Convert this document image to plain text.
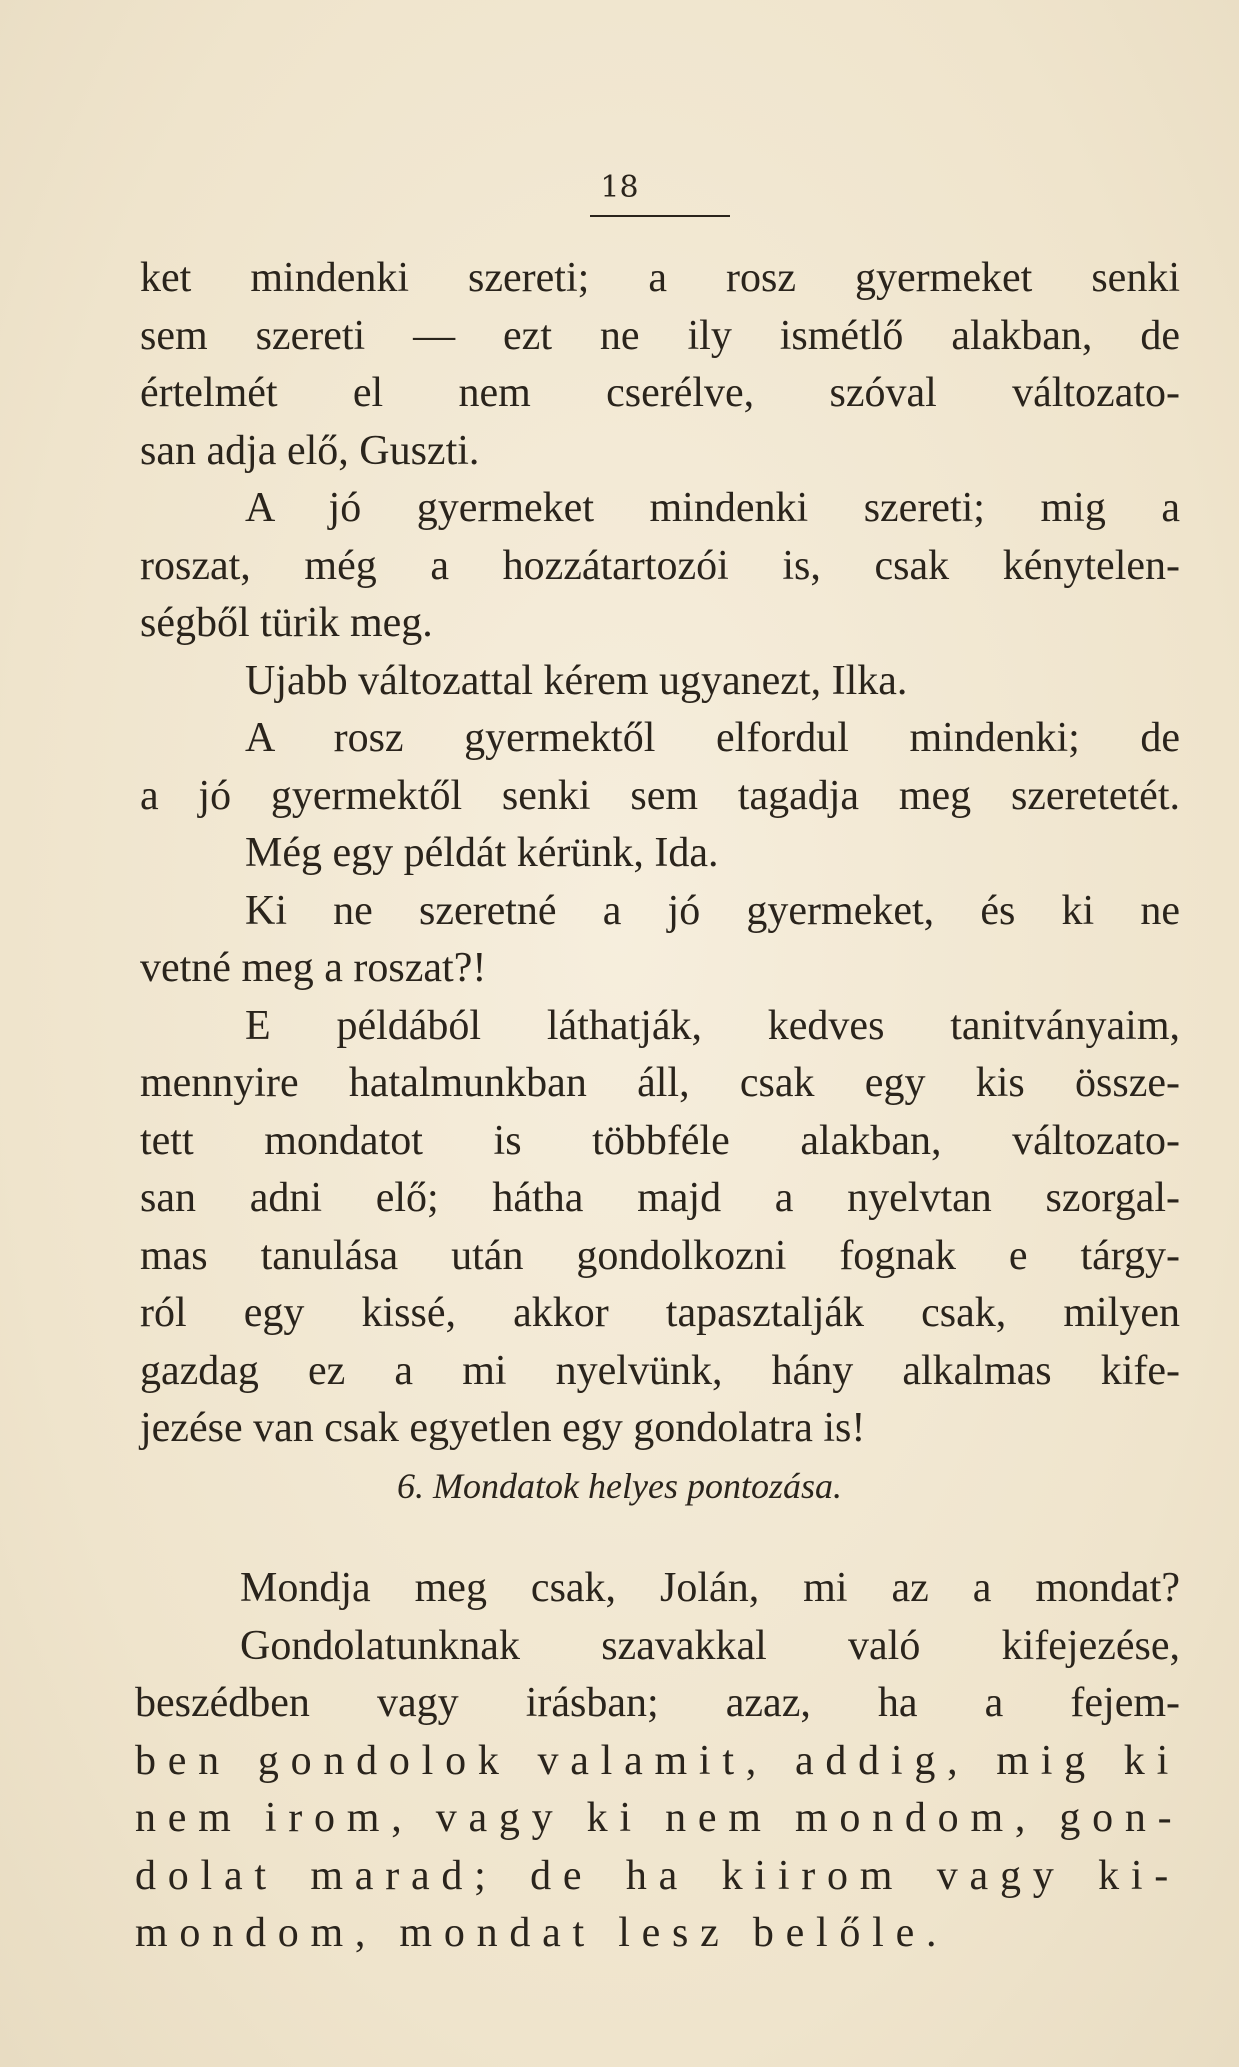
18
ket mindenki szereti; a rosz gyermeket senki
sem szereti — ezt ne ily ismétlő alakban, de
értelmét el nem cserélve, szóval változato-
san adja elő, Guszti.
A jó gyermeket mindenki szereti; mig a
roszat, még a hozzátartozói is, csak kénytelen-
ségből türik meg.
Ujabb változattal kérem ugyanezt, Ilka.
A rosz gyermektől elfordul mindenki; de
a jó gyermektől senki sem tagadja meg szeretetét.
Még egy példát kérünk, Ida.
Ki ne szeretné a jó gyermeket, és ki ne
vetné meg a roszat?!
E példából láthatják, kedves tanitványaim,
mennyire hatalmunkban áll, csak egy kis össze-
tett mondatot is többféle alakban, változato-
san adni elő; hátha majd a nyelvtan szorgal-
mas tanulása után gondolkozni fognak e tárgy-
ról egy kissé, akkor tapasztalják csak, milyen
gazdag ez a mi nyelvünk, hány alkalmas kife-
jezése van csak egyetlen egy gondolatra is!
6. Mondatok helyes pontozása.
Mondja meg csak, Jolán, mi az a mondat?
Gondolatunknak szavakkal való kifejezése,
beszédben vagy irásban; azaz, ha a fejem-
ben gondolok valamit, addig, mig ki
nem irom, vagy ki nem mondom, gon-
dolat marad; de ha kiirom vagy ki-
mondom, mondat lesz belőle.
